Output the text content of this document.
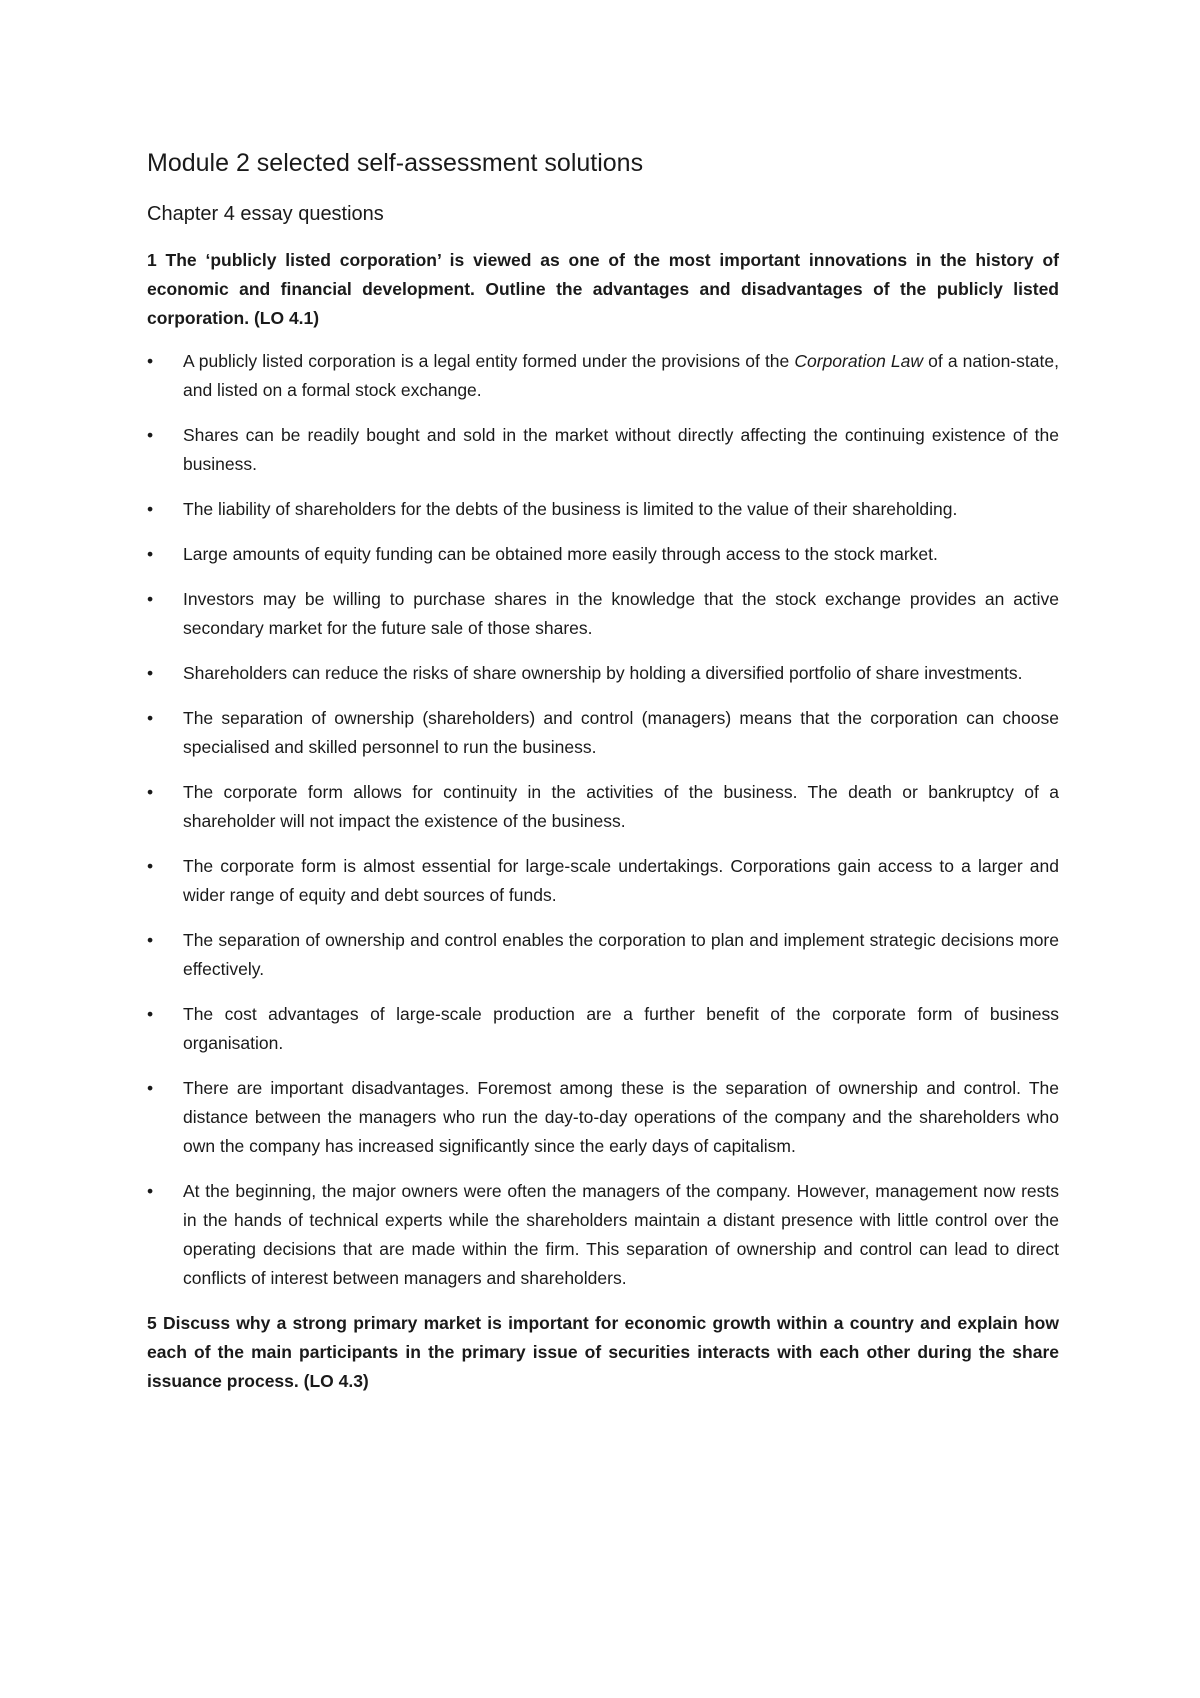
Module 2 selected self-assessment solutions
Chapter 4 essay questions

1 The ‘publicly listed corporation’ is viewed as one of the most important innovations in the history of economic and financial development. Outline the advantages and disadvantages of the publicly listed corporation. (LO 4.1)

•	A publicly listed corporation is a legal entity formed under the provisions of the Corporation Law of a nation-state, and listed on a formal stock exchange.
•	Shares can be readily bought and sold in the market without directly affecting the continuing existence of the business.
•	The liability of shareholders for the debts of the business is limited to the value of their shareholding.
•	Large amounts of equity funding can be obtained more easily through access to the stock market.
•	Investors may be willing to purchase shares in the knowledge that the stock exchange provides an active secondary market for the future sale of those shares.
•	Shareholders can reduce the risks of share ownership by holding a diversified portfolio of share investments.
•	The separation of ownership (shareholders) and control (managers) means that the corporation can choose specialised and skilled personnel to run the business.
•	The corporate form allows for continuity in the activities of the business. The death or bankruptcy of a shareholder will not impact the existence of the business.
•	The corporate form is almost essential for large-scale undertakings. Corporations gain access to a larger and wider range of equity and debt sources of funds.
•	The separation of ownership and control enables the corporation to plan and implement strategic decisions more effectively.
•	The cost advantages of large-scale production are a further benefit of the corporate form of business organisation.
•	There are important disadvantages. Foremost among these is the separation of ownership and control. The distance between the managers who run the day-to-day operations of the company and the shareholders who own the company has increased significantly since the early days of capitalism.
•	At the beginning, the major owners were often the managers of the company. However, management now rests in the hands of technical experts while the shareholders maintain a distant presence with little control over the operating decisions that are made within the firm. This separation of ownership and control can lead to direct conflicts of interest between managers and shareholders.

5 Discuss why a strong primary market is important for economic growth within a country and explain how each of the main participants in the primary issue of securities interacts with each other during the share issuance process. (LO 4.3)
